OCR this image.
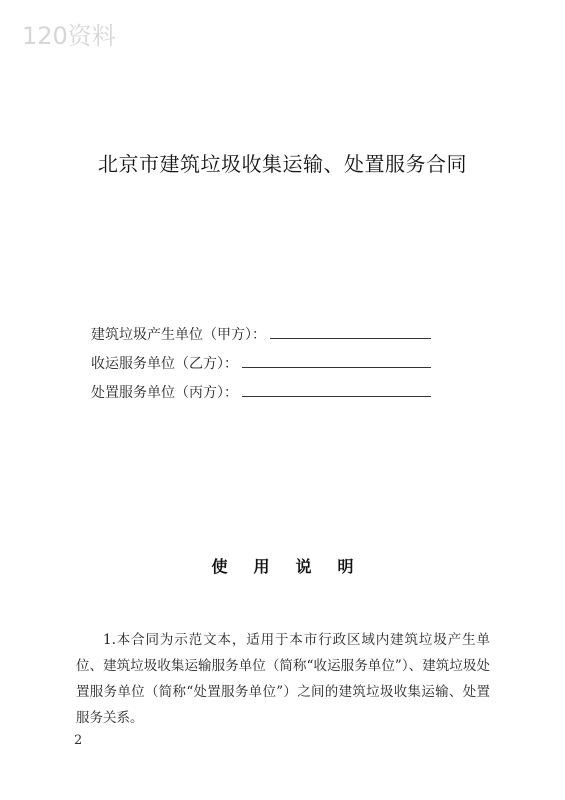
120资料
北京市建筑垃圾收集运输、处置服务合同
建筑垃圾产生单位（甲方）：
收运服务单位（乙方）：
处置服务单位（丙方）：
使用说明

1.本合同为示范文本，适用于本市行政区域内建筑垃圾产生单位、建筑垃圾收集运输服务单位（简称“收运服务单位”）、建筑垃圾处置服务单位（简称“处置服务单位”）之间的建筑垃圾收集运输、处置服务关系。

2
